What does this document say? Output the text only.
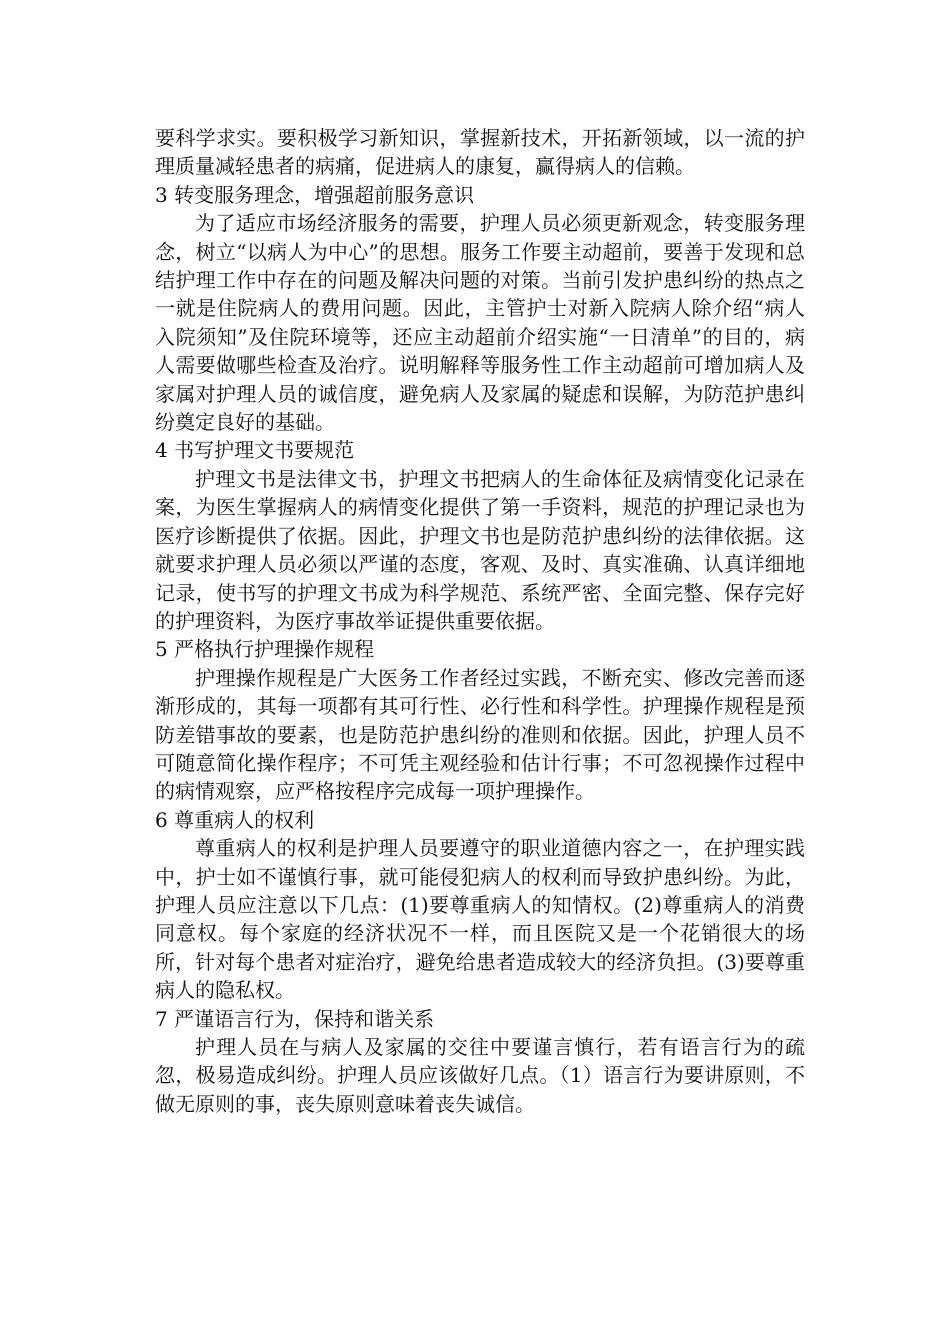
要科学求实。要积极学习新知识，掌握新技术，开拓新领域，以一流的护理质量减轻患者的病痛，促进病人的康复，赢得病人的信赖。

3 转变服务理念，增强超前服务意识

为了适应市场经济服务的需要，护理人员必须更新观念，转变服务理念，树立“以病人为中心”的思想。服务工作要主动超前，要善于发现和总结护理工作中存在的问题及解决问题的对策。当前引发护患纠纷的热点之一就是住院病人的费用问题。因此，主管护士对新入院病人除介绍“病人入院须知”及住院环境等，还应主动超前介绍实施“一日清单”的目的，病人需要做哪些检查及治疗。说明解释等服务性工作主动超前可增加病人及家属对护理人员的诚信度，避免病人及家属的疑虑和误解，为防范护患纠纷奠定良好的基础。

4 书写护理文书要规范

护理文书是法律文书，护理文书把病人的生命体征及病情变化记录在案，为医生掌握病人的病情变化提供了第一手资料，规范的护理记录也为医疗诊断提供了依据。因此，护理文书也是防范护患纠纷的法律依据。这就要求护理人员必须以严谨的态度，客观、及时、真实准确、认真详细地记录，使书写的护理文书成为科学规范、系统严密、全面完整、保存完好的护理资料，为医疗事故举证提供重要依据。

5 严格执行护理操作规程

护理操作规程是广大医务工作者经过实践，不断充实、修改完善而逐渐形成的，其每一项都有其可行性、必行性和科学性。护理操作规程是预防差错事故的要素，也是防范护患纠纷的准则和依据。因此，护理人员不可随意简化操作程序；不可凭主观经验和估计行事；不可忽视操作过程中的病情观察，应严格按程序完成每一项护理操作。

6 尊重病人的权利

尊重病人的权利是护理人员要遵守的职业道德内容之一，在护理实践中，护士如不谨慎行事，就可能侵犯病人的权利而导致护患纠纷。为此，护理人员应注意以下几点：(1)要尊重病人的知情权。(2)尊重病人的消费同意权。每个家庭的经济状况不一样，而且医院又是一个花销很大的场所，针对每个患者对症治疗，避免给患者造成较大的经济负担。(3)要尊重病人的隐私权。

7 严谨语言行为，保持和谐关系

护理人员在与病人及家属的交往中要谨言慎行，若有语言行为的疏忽，极易造成纠纷。护理人员应该做好几点。（1）语言行为要讲原则，不做无原则的事，丧失原则意味着丧失诚信。
